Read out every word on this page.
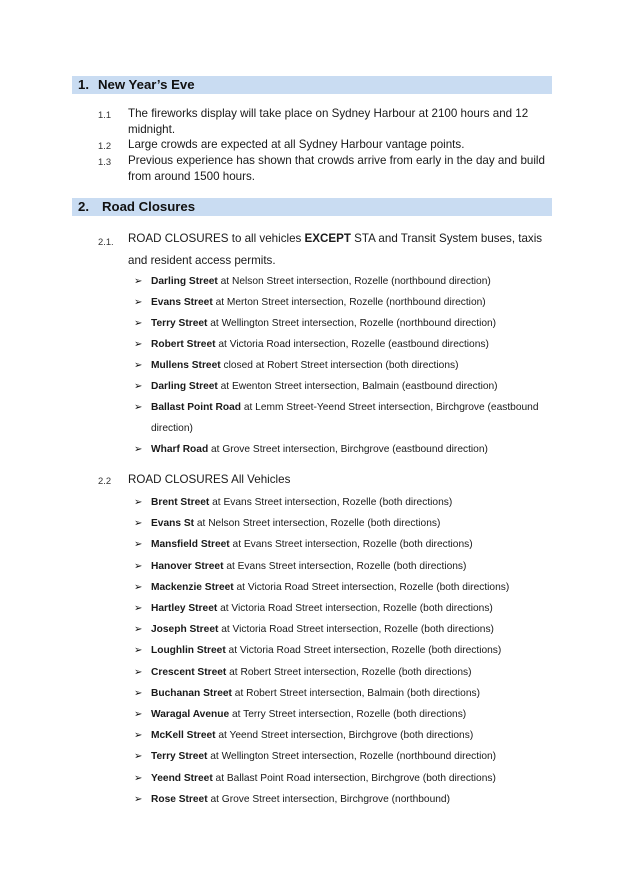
1. New Year’s Eve
1.1 The fireworks display will take place on Sydney Harbour at 2100 hours and 12 midnight.
1.2 Large crowds are expected at all Sydney Harbour vantage points.
1.3 Previous experience has shown that crowds arrive from early in the day and build from around 1500 hours.
2. Road Closures
2.1. ROAD CLOSURES to all vehicles EXCEPT STA and Transit System buses, taxis and resident access permits.
➢ Darling Street at Nelson Street intersection, Rozelle (northbound direction)
➢ Evans Street at Merton Street intersection, Rozelle (northbound direction)
➢ Terry Street at Wellington Street intersection, Rozelle (northbound direction)
➢ Robert Street at Victoria Road intersection, Rozelle (eastbound directions)
➢ Mullens Street closed at Robert Street intersection (both directions)
➢ Darling Street at Ewenton Street intersection, Balmain (eastbound direction)
➢ Ballast Point Road at Lemm Street-Yeend Street intersection, Birchgrove (eastbound direction)
➢ Wharf Road at Grove Street intersection, Birchgrove (eastbound direction)
2.2 ROAD CLOSURES All Vehicles
➢ Brent Street at Evans Street intersection, Rozelle (both directions)
➢ Evans St at Nelson Street intersection, Rozelle (both directions)
➢ Mansfield Street at Evans Street intersection, Rozelle (both directions)
➢ Hanover Street at Evans Street intersection, Rozelle (both directions)
➢ Mackenzie Street at Victoria Road Street intersection, Rozelle (both directions)
➢ Hartley Street at Victoria Road Street intersection, Rozelle (both directions)
➢ Joseph Street at Victoria Road Street intersection, Rozelle (both directions)
➢ Loughlin Street at Victoria Road Street intersection, Rozelle (both directions)
➢ Crescent Street at Robert Street intersection, Rozelle (both directions)
➢ Buchanan Street at Robert Street intersection, Balmain (both directions)
➢ Waragal Avenue at Terry Street intersection, Rozelle (both directions)
➢ McKell Street at Yeend Street intersection, Birchgrove (both directions)
➢ Terry Street at Wellington Street intersection, Rozelle (northbound direction)
➢ Yeend Street at Ballast Point Road intersection, Birchgrove (both directions)
➢ Rose Street at Grove Street intersection, Birchgrove (northbound)
